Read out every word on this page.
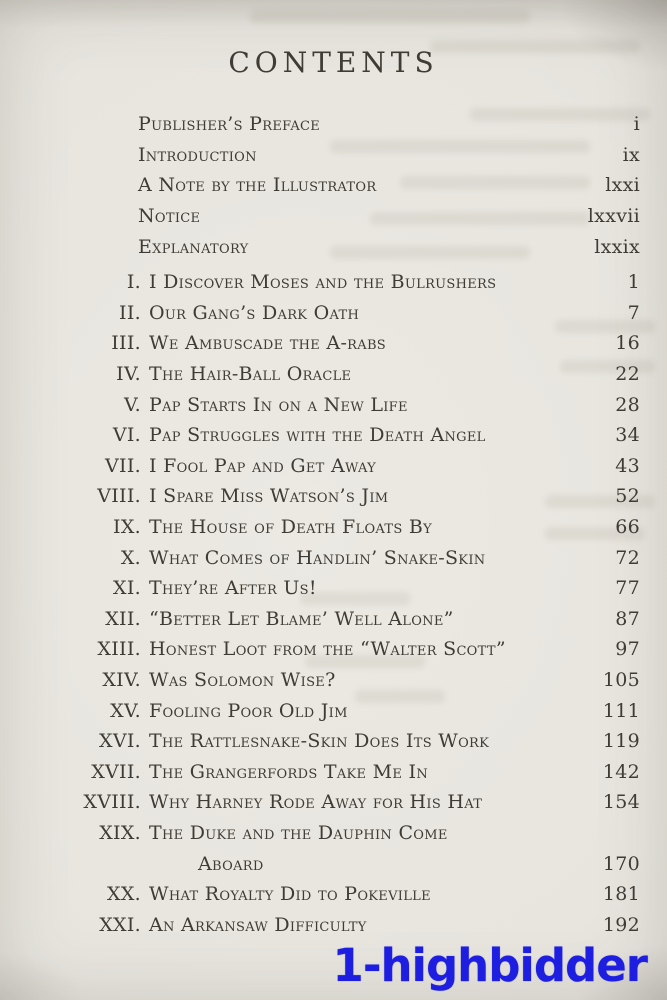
CONTENTS
Publisher’s Preface	i
Introduction	ix
A Note by the Illustrator	lxxi
Notice	lxxvii
Explanatory	lxxix
I. I Discover Moses and the Bulrushers	1
II. Our Gang’s Dark Oath	7
III. We Ambuscade the A-rabs	16
IV. The Hair-Ball Oracle	22
V. Pap Starts In on a New Life	28
VI. Pap Struggles with the Death Angel	34
VII. I Fool Pap and Get Away	43
VIII. I Spare Miss Watson’s Jim	52
IX. The House of Death Floats By	66
X. What Comes of Handlin’ Snake-Skin	72
XI. They’re After Us!	77
XII. “Better Let Blame’ Well Alone”	87
XIII. Honest Loot from the “Walter Scott”	97
XIV. Was Solomon Wise?	105
XV. Fooling Poor Old Jim	111
XVI. The Rattlesnake-Skin Does Its Work	119
XVII. The Grangerfords Take Me In	142
XVIII. Why Harney Rode Away for His Hat	154
XIX. The Duke and the Dauphin Come
Aboard	170
XX. What Royalty Did to Pokeville	181
XXI. An Arkansaw Difficulty	192
1-highbidder
